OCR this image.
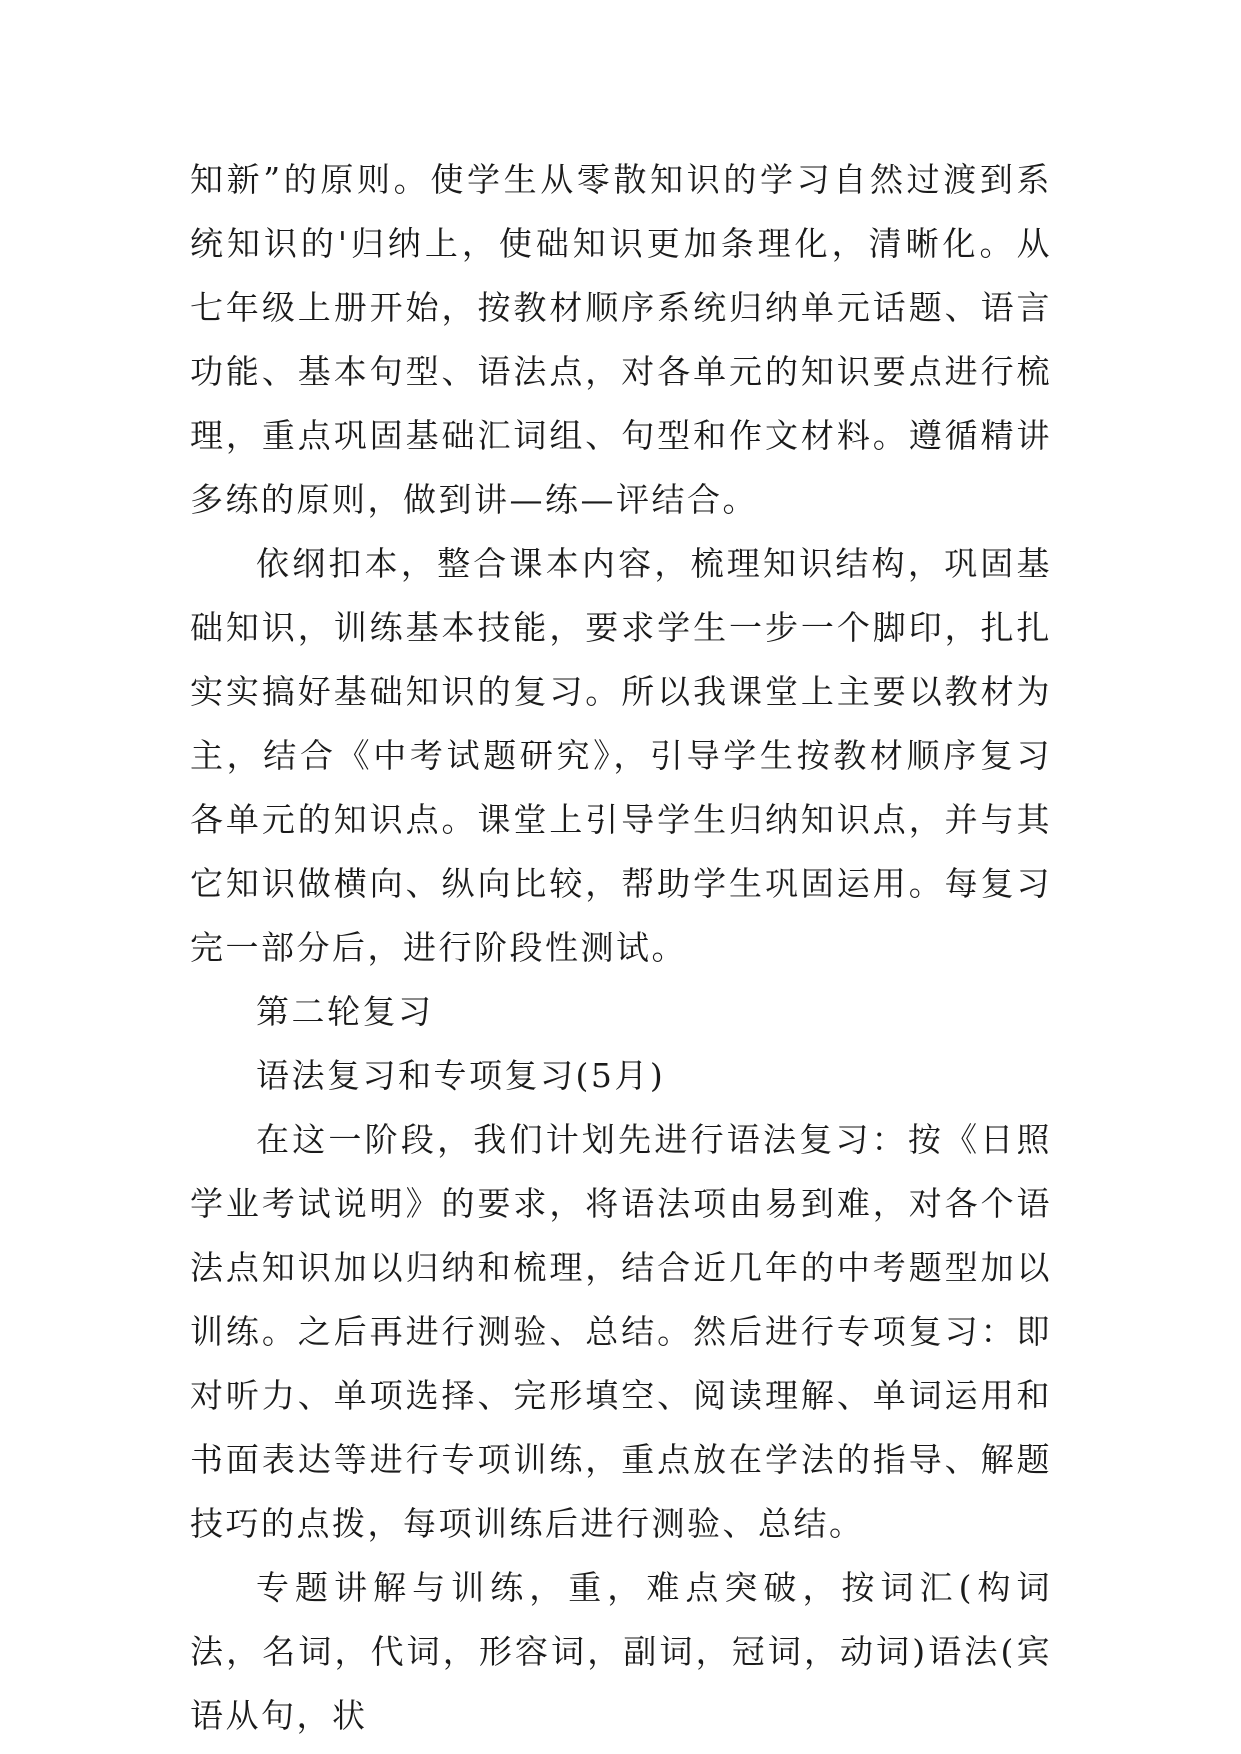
知新”的原则。使学生从零散知识的学习自然过渡到系统知识的'归纳上，使础知识更加条理化，清晰化。从七年级上册开始，按教材顺序系统归纳单元话题、语言功能、基本句型、语法点，对各单元的知识要点进行梳理，重点巩固基础汇词组、句型和作文材料。遵循精讲多练的原则，做到讲—练—评结合。

依纲扣本，整合课本内容，梳理知识结构，巩固基础知识，训练基本技能，要求学生一步一个脚印，扎扎实实搞好基础知识的复习。所以我课堂上主要以教材为主，结合《中考试题研究》，引导学生按教材顺序复习各单元的知识点。课堂上引导学生归纳知识点，并与其它知识做横向、纵向比较，帮助学生巩固运用。每复习完一部分后，进行阶段性测试。

第二轮复习

语法复习和专项复习(5月)

在这一阶段，我们计划先进行语法复习：按《日照学业考试说明》的要求，将语法项由易到难，对各个语法点知识加以归纳和梳理，结合近几年的中考题型加以训练。之后再进行测验、总结。然后进行专项复习：即对听力、单项选择、完形填空、阅读理解、单词运用和书面表达等进行专项训练，重点放在学法的指导、解题技巧的点拨，每项训练后进行测验、总结。

专题讲解与训练，重，难点突破，按词汇(构词法，名词，代词，形容词，副词，冠词，动词)语法(宾语从句，状
